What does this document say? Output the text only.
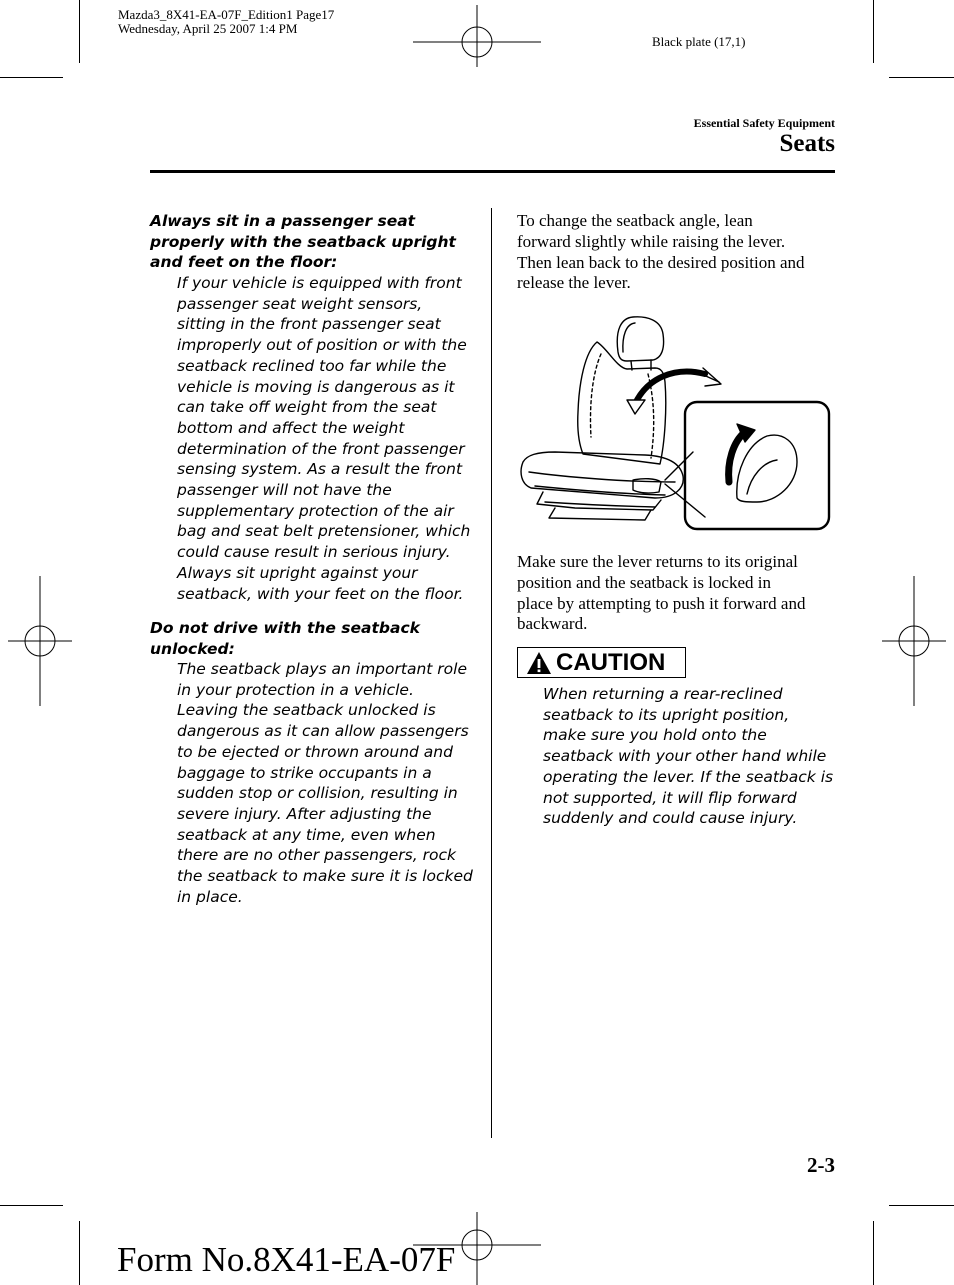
Mazda3_8X41-EA-07F_Edition1 Page17
Wednesday, April 25 2007 1:4 PM
Black plate (17,1)
Essential Safety Equipment
Seats
Always sit in a passenger seat properly with the seatback upright and feet on the floor:
If your vehicle is equipped with front
passenger seat weight sensors,
sitting in the front passenger seat
improperly out of position or with the
seatback reclined too far while the
vehicle is moving is dangerous as it
can take off weight from the seat
bottom and affect the weight
determination of the front passenger
sensing system. As a result the front
passenger will not have the
supplementary protection of the air
bag and seat belt pretensioner, which
could cause result in serious injury.
Always sit upright against your
seatback, with your feet on the floor.
Do not drive with the seatback unlocked:
The seatback plays an important role
in your protection in a vehicle.
Leaving the seatback unlocked is
dangerous as it can allow passengers
to be ejected or thrown around and
baggage to strike occupants in a
sudden stop or collision, resulting in
severe injury. After adjusting the
seatback at any time, even when
there are no other passengers, rock
the seatback to make sure it is locked
in place.
To change the seatback angle, lean
forward slightly while raising the lever.
Then lean back to the desired position and
release the lever.
Make sure the lever returns to its original
position and the seatback is locked in
place by attempting to push it forward and
backward.
CAUTION
When returning a rear-reclined
seatback to its upright position,
make sure you hold onto the
seatback with your other hand while
operating the lever. If the seatback is
not supported, it will flip forward
suddenly and could cause injury.
2-3
Form No.8X41-EA-07F
